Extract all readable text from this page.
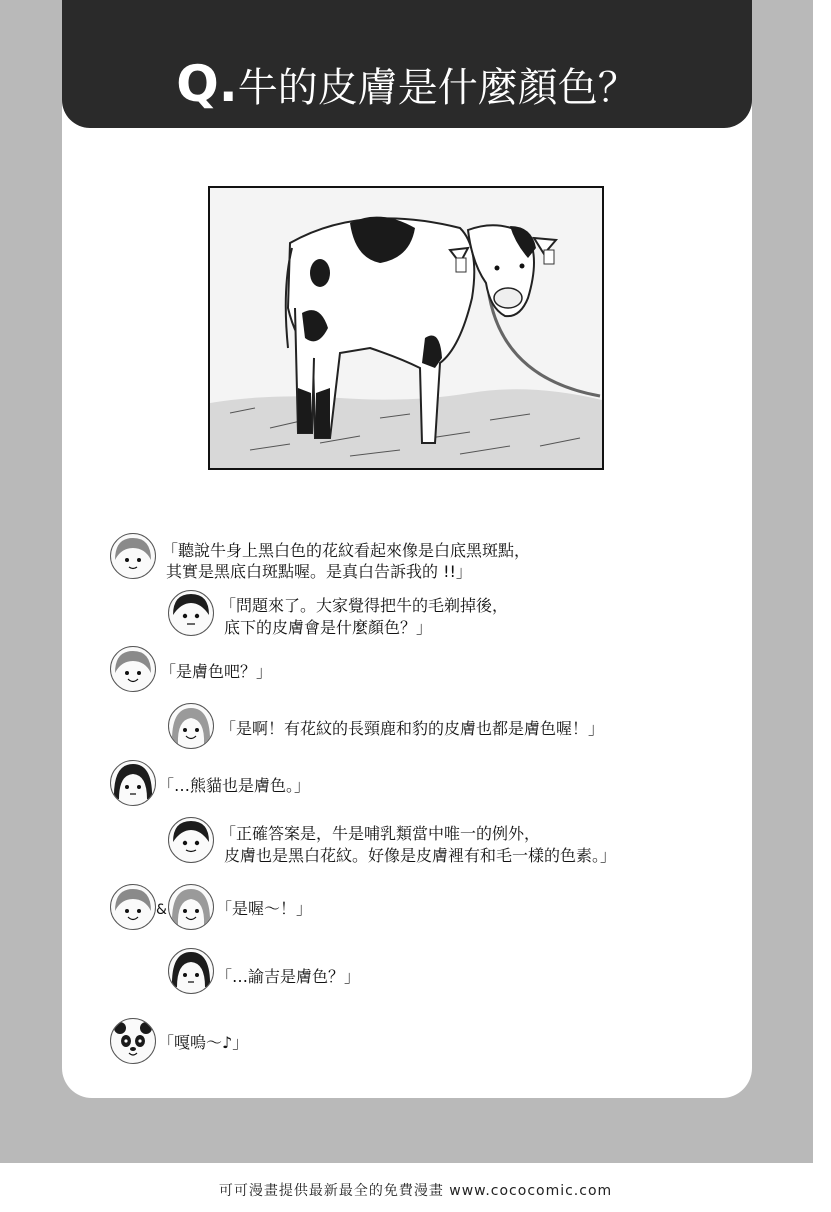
Q.牛的皮膚是什麼顏色？
「聽說牛身上黑白色的花紋看起來像是白底黑斑點，
其實是黑底白斑點喔。是真白告訴我的 !!」
「問題來了。大家覺得把牛的毛剃掉後，
底下的皮膚會是什麼顏色？」
「是膚色吧？」
「是啊！有花紋的長頸鹿和豹的皮膚也都是膚色喔！」
「…熊貓也是膚色。」
「正確答案是，牛是哺乳類當中唯一的例外，
皮膚也是黑白花紋。好像是皮膚裡有和毛一樣的色素。」
&	「是喔～！」
「…諭吉是膚色？」
「嘎嗚～♪」
可可漫畫提供最新最全的免費漫畫 www.cococomic.com
